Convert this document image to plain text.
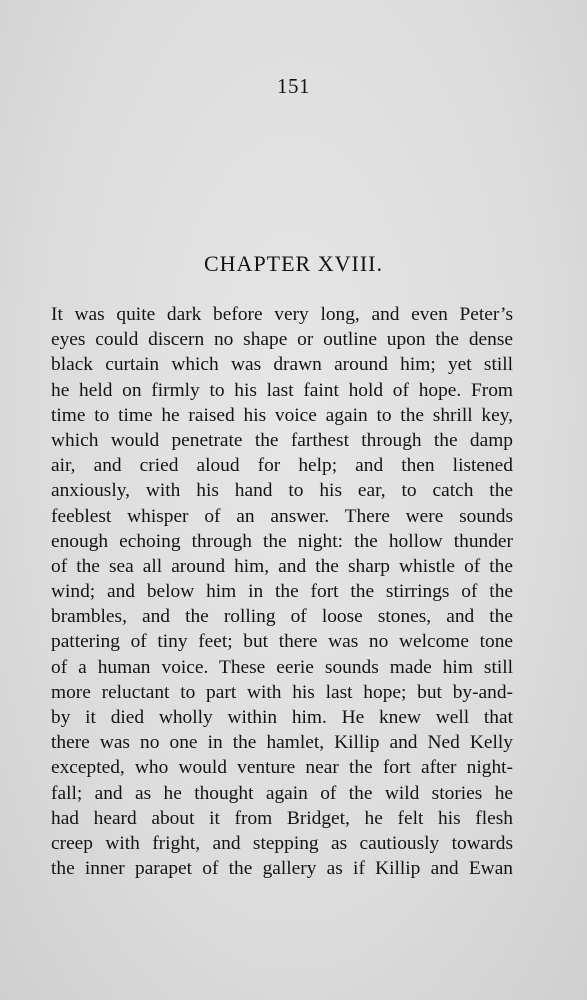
151
CHAPTER XVIII.
It was quite dark before very long, and even Peter’s
eyes could discern no shape or outline upon the dense
black curtain which was drawn around him; yet still
he held on firmly to his last faint hold of hope. From
time to time he raised his voice again to the shrill key,
which would penetrate the farthest through the damp
air, and cried aloud for help; and then listened
anxiously, with his hand to his ear, to catch the
feeblest whisper of an answer. There were sounds
enough echoing through the night: the hollow thunder
of the sea all around him, and the sharp whistle of the
wind; and below him in the fort the stirrings of the
brambles, and the rolling of loose stones, and the
pattering of tiny feet; but there was no welcome tone
of a human voice. These eerie sounds made him still
more reluctant to part with his last hope; but by-and-
by it died wholly within him. He knew well that
there was no one in the hamlet, Killip and Ned Kelly
excepted, who would venture near the fort after night-
fall; and as he thought again of the wild stories he
had heard about it from Bridget, he felt his flesh
creep with fright, and stepping as cautiously towards
the inner parapet of the gallery as if Killip and Ewan
